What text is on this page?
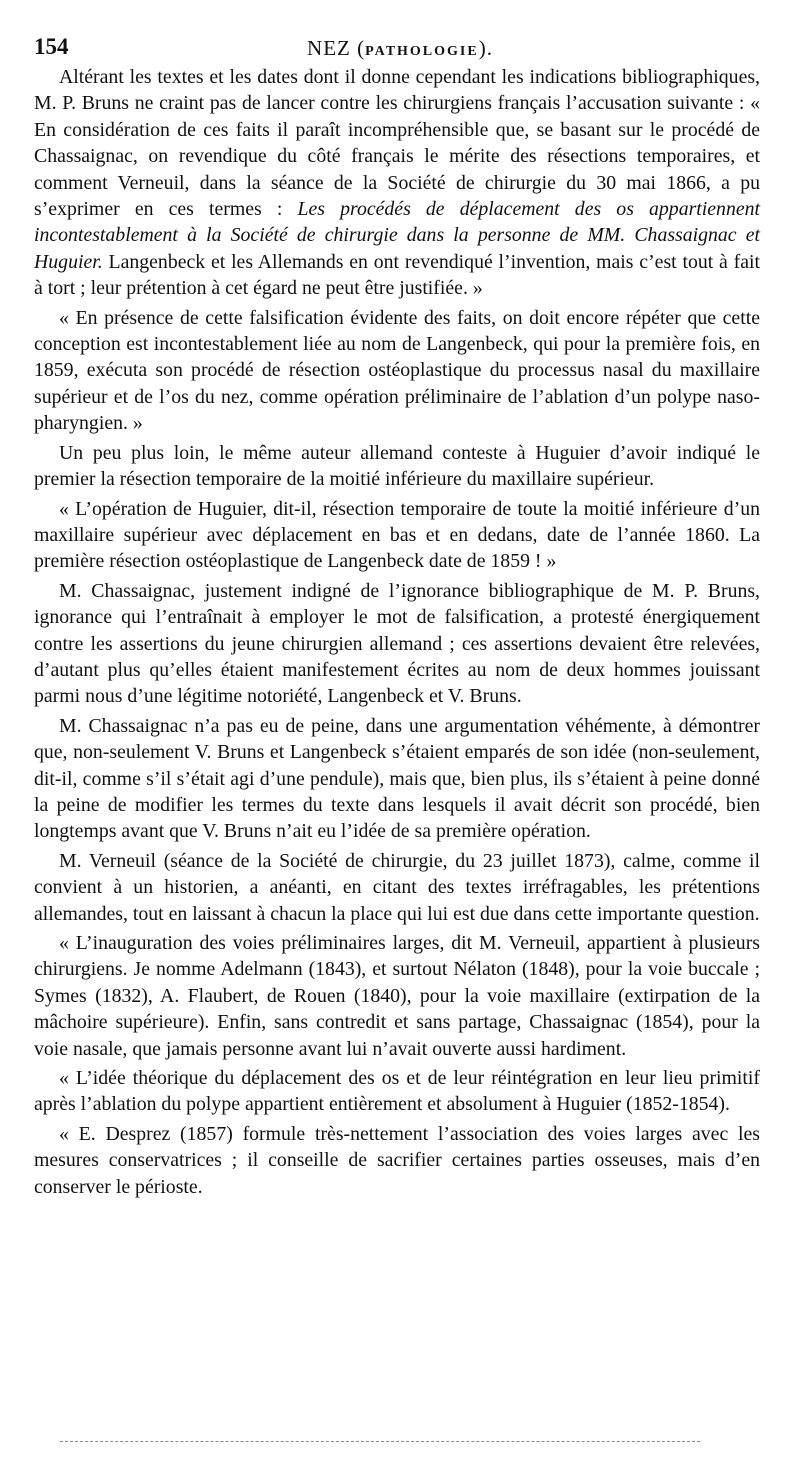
154	NEZ (PATHOLOGIE).

Altérant les textes et les dates dont il donne cependant les indications bibliographiques, M. P. Bruns ne craint pas de lancer contre les chirurgiens français l’accusation suivante : « En considération de ces faits il paraît incompréhensible que, se basant sur le procédé de Chassaignac, on revendique du côté français le mérite des résections temporaires, et comment Verneuil, dans la séance de la Société de chirurgie du 30 mai 1866, a pu s’exprimer en ces termes : Les procédés de déplacement des os appartiennent incontestablement à la Société de chirurgie dans la personne de MM. Chassaignac et Huguier. Langenbeck et les Allemands en ont revendiqué l’invention, mais c’est tout à fait à tort ; leur prétention à cet égard ne peut être justifiée. »

« En présence de cette falsification évidente des faits, on doit encore répéter que cette conception est incontestablement liée au nom de Langenbeck, qui pour la première fois, en 1859, exécuta son procédé de résection ostéoplastique du processus nasal du maxillaire supérieur et de l’os du nez, comme opération préliminaire de l’ablation d’un polype naso-pharyngien. »

Un peu plus loin, le même auteur allemand conteste à Huguier d’avoir indiqué le premier la résection temporaire de la moitié inférieure du maxillaire supérieur.

« L’opération de Huguier, dit-il, résection temporaire de toute la moitié inférieure d’un maxillaire supérieur avec déplacement en bas et en dedans, date de l’année 1860. La première résection ostéoplastique de Langenbeck date de 1859 ! »

M. Chassaignac, justement indigné de l’ignorance bibliographique de M. P. Bruns, ignorance qui l’entraînait à employer le mot de falsification, a protesté énergiquement contre les assertions du jeune chirurgien allemand ; ces assertions devaient être relevées, d’autant plus qu’elles étaient manifestement écrites au nom de deux hommes jouissant parmi nous d’une légitime notoriété, Langenbeck et V. Bruns.

M. Chassaignac n’a pas eu de peine, dans une argumentation véhémente, à démontrer que, non-seulement V. Bruns et Langenbeck s’étaient emparés de son idée (non-seulement, dit-il, comme s’il s’était agi d’une pendule), mais que, bien plus, ils s’étaient à peine donné la peine de modifier les termes du texte dans lesquels il avait décrit son procédé, bien longtemps avant que V. Bruns n’ait eu l’idée de sa première opération.

M. Verneuil (séance de la Société de chirurgie, du 23 juillet 1873), calme, comme il convient à un historien, a anéanti, en citant des textes irréfragables, les prétentions allemandes, tout en laissant à chacun la place qui lui est due dans cette importante question.

« L’inauguration des voies préliminaires larges, dit M. Verneuil, appartient à plusieurs chirurgiens. Je nomme Adelmann (1843), et surtout Nélaton (1848), pour la voie buccale ; Symes (1832), A. Flaubert, de Rouen (1840), pour la voie maxillaire (extirpation de la mâchoire supérieure). Enfin, sans contredit et sans partage, Chassaignac (1854), pour la voie nasale, que jamais personne avant lui n’avait ouverte aussi hardiment.

« L’idée théorique du déplacement des os et de leur réintégration en leur lieu primitif après l’ablation du polype appartient entièrement et absolument à Huguier (1852-1854).

« E. Desprez (1857) formule très-nettement l’association des voies larges avec les mesures conservatrices ; il conseille de sacrifier certaines parties osseuses, mais d’en conserver le périoste.
